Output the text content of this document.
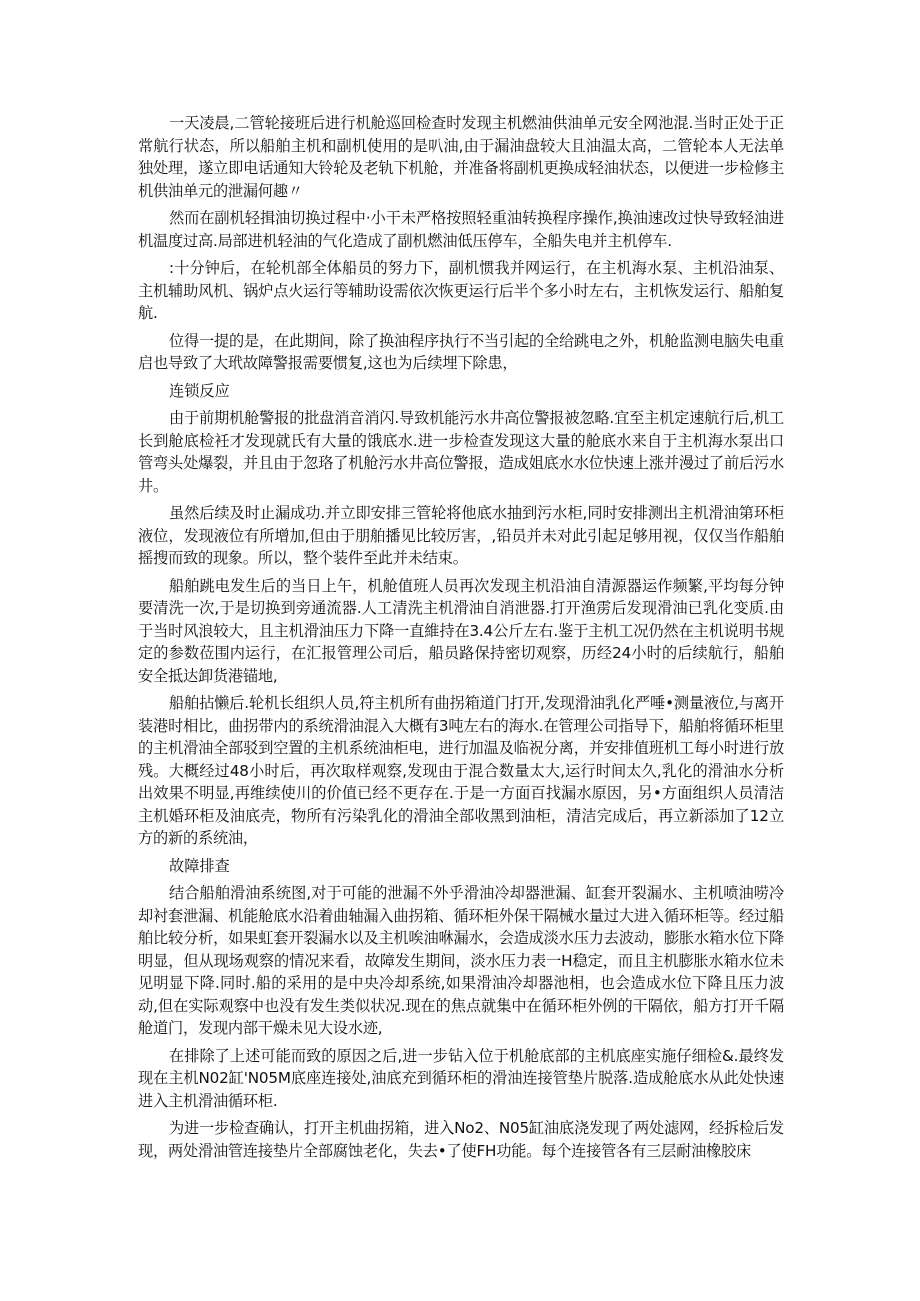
一天凌晨,二管轮接班后进行机舱巡回检查时发现主机燃油供油单元安全网池混.当时正处于正常航行状态，所以船舶主机和副机使用的是叭油,由于漏油盘较大且油温太高，二管轮本人无法单独处理，遂立即电话通知大铃轮及老轨下机舱，并准备将副机更换成轻油状态，以便进一步检修主机供油单元的泄漏何趣〃

然而在副机轻揖油切换过程中·小干未严格按照轻重油转换程序操作,换油速改过快导致轻油进机温度过高.局部进机轻油的气化造成了副机燃油低压停车，全船失电并主机停车.

:十分钟后，在轮机部全体船员的努力下，副机惯我并网运行，在主机海水泵、主机沿油泵、主机辅助风机、锅炉点火运行等辅助设需依次恢更运行后半个多小时左右，主机恢发运行、船舶复航.

位得一提的是，在此期间，除了换油程序执行不当引起的全给跳电之外，机舱监测电脑失电重启也导致了大玳故障警报需要惯复,这也为后续埋下除患，

连锁反应

由于前期机舱警报的批盘消音消闪.导致机能污水井高位警报被忽略.宜至主机定速航行后,机工长到舱底检衽才发现就氏有大量的饿底水.进一步检查发现这大量的舱底水来自于主机海水泵出口管弯头处爆裂，并且由于忽珞了机舱污水井高位警报，造成姐底水水位快速上涨并漫过了前后污水井。

虽然后续及时止漏成功.并立即安排三管轮将他底水抽到污水柜,同时安排测出主机滑油第环柜液位，发现液位有所增加,但由于朋舶播见比较厉害，,铅员并未对此引起足够用视，仅仅当作船舶摇搜而致的现象。所以，整个装件至此并未结束。

船舶跳电发生后的当日上午，机舱值班人员再次发现主机沿油自清源器运作频繁,平均每分钟要清洗一次,于是切换到旁通流器.人工清洗主机滑油自消泄器.打开渔雳后发现滑油已乳化变质.由于当时风浪较大，且主机滑油压力下降一直維持在3.4公斤左右.鉴于主机工况仍然在主机说明书规定的参数莅围内运行，在汇报管理公司后，船员路保持密切观察，历经24小时的后续航行，船舶安全抵达卸货港锚地,

船舶拈懒后.轮机长组织人员,符主机所有曲拐箱道门打开,发现滑油乳化严唾•测量液位,与离开装港时相比，曲拐带内的系统滑油混入大概有3吨左右的海水.在管理公司指导下，船舶将循环柜里的主机滑油全部驳到空置的主机系统油柜电，进行加温及临祝分离，并安排值班机工每小时进行放残。大概经过48小时后，再次取样观察,发现由于混合数量太大,运行时间太久,乳化的滑油水分析出效果不明显,再维续使川的价值已经不更存在.于是一方面百找漏水原因，另•方面组织人员清洁主机婚环柜及油底壳，物所有污染乳化的滑油全部收黑到油柜，清洁完成后，再立新添加了12立方的新的系统油，

故障排查

结合船舶滑油系统图,对于可能的泄漏不外乎滑油冷却器泄漏、缸套开裂漏水、主机喷油唠冷却衬套泄漏、机能舱底水沿着曲轴漏入曲拐箱、循环柜外保干隔械水量过大进入循环柜等。经过船舶比较分析，如果虹套开裂漏水以及主机唉油咻漏水，会造成淡水压力去波动，膨胀水箱水位下降明显，但从现场观察的情况来看，故障发生期间，淡水压力表一H稳定，而且主机膨胀水箱水位未见明显下降.同时.船的采用的是中央冷却系统,如果滑油冷却器池相，也会造成水位下降且压力波动,但在实际观察中也没有发生类似状况.现在的焦点就集中在循环柜外例的干隔依，船方打开千隔舱道门，发现内部干燥未见大设水迹,

在排除了上述可能而致的原因之后,进一步钻入位于机舱底部的主机底座实施仔细检&.最终发现在主机N02缸'N05M底座连接处,油底充到循环柜的滑油连接管垫片脱落.造成舱底水从此处快速进入主机滑油循环柜.

为进一步检查确认，打开主机曲拐箱，进入No2、N05缸油底浇发现了两处滤网，经拆检后发现，两处滑油管连接垫片全部腐蚀老化，失去•了使FH功能。每个连接管各有三层耐油橡胶床
